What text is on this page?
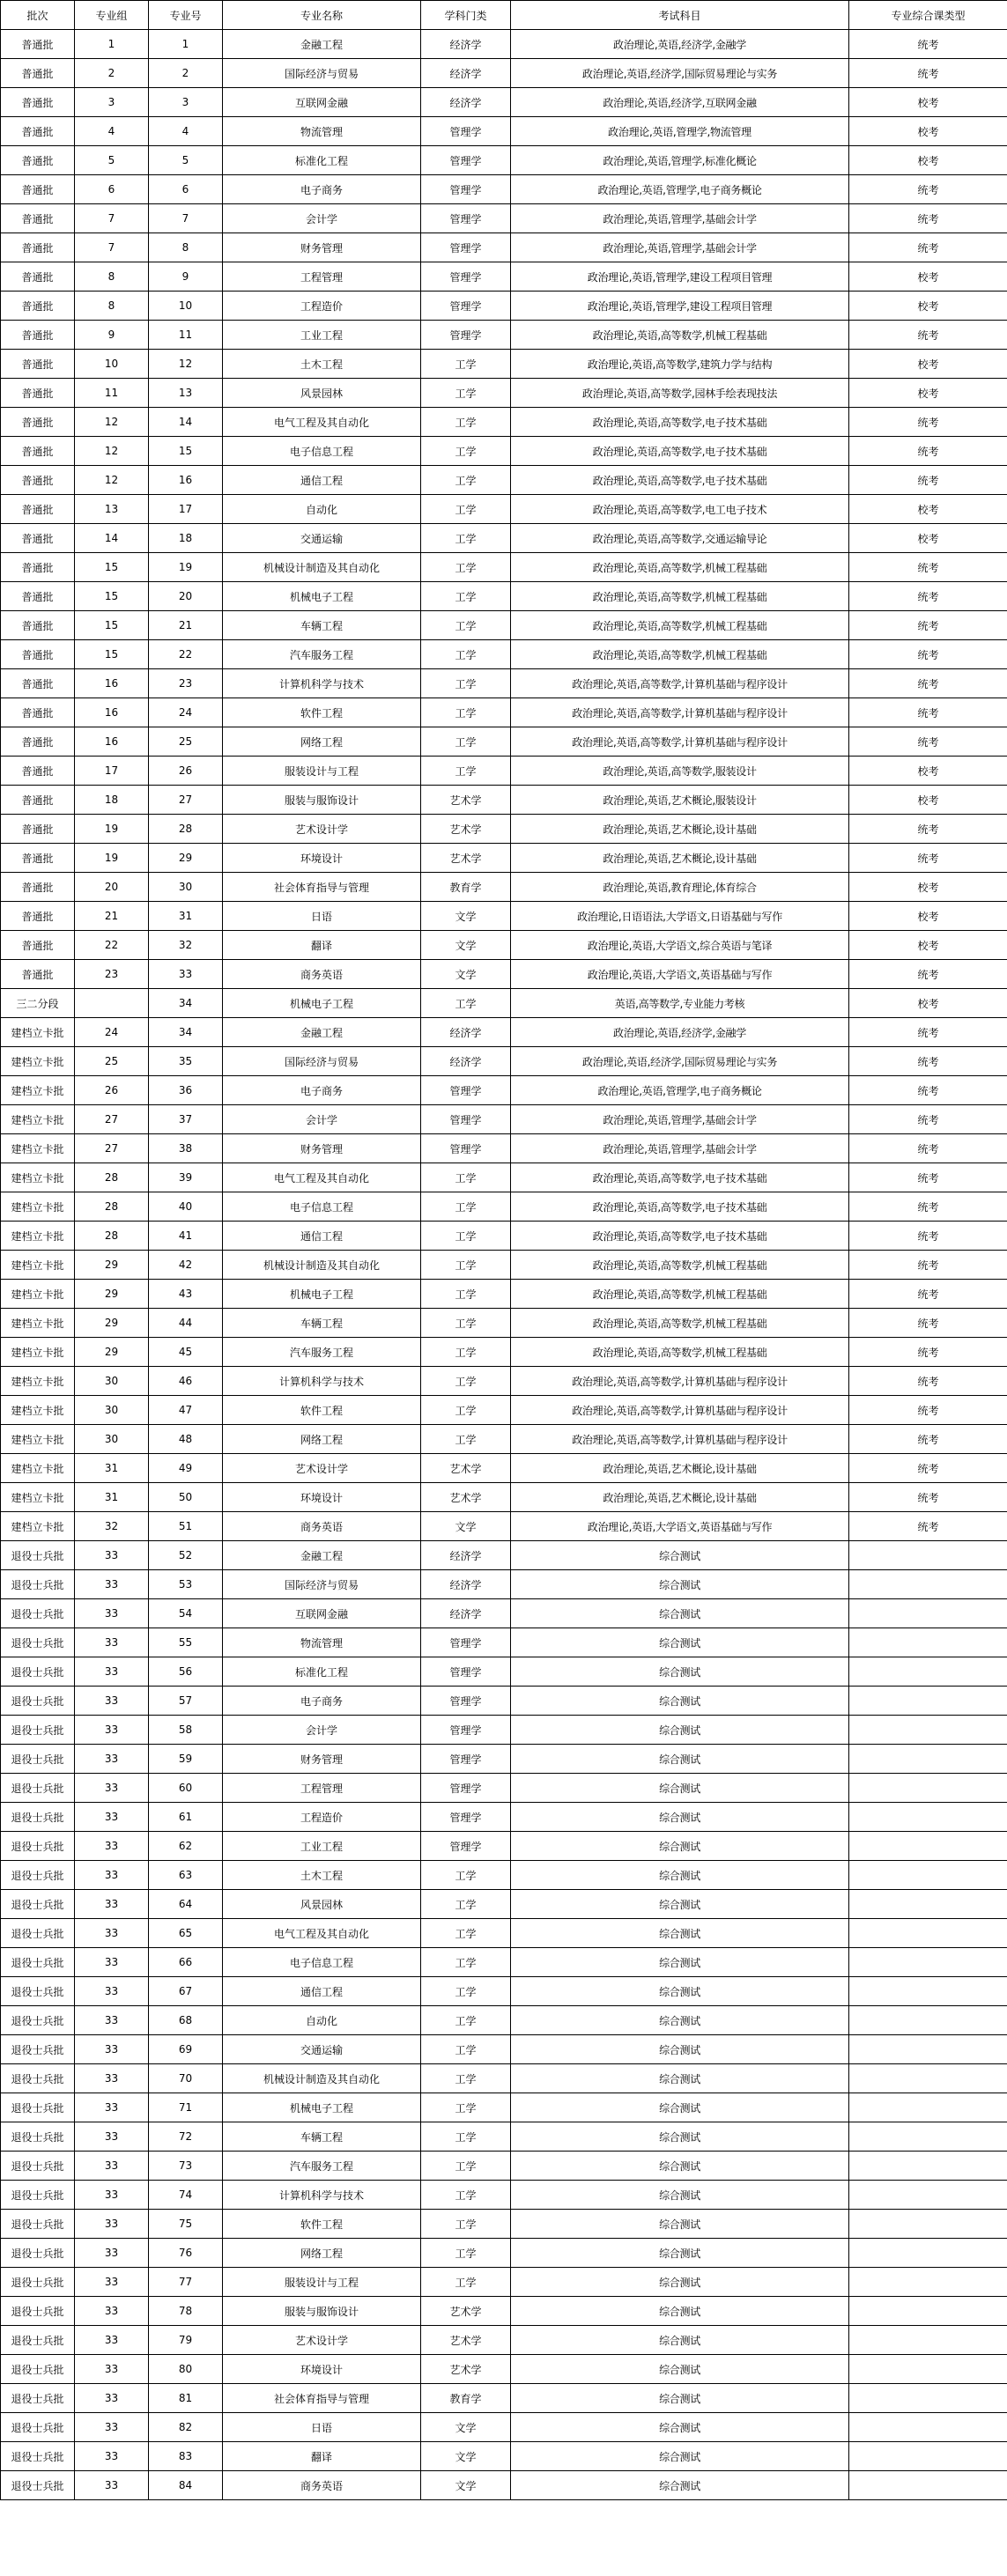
批次	专业组	专业号	专业名称	学科门类	考试科目	专业综合课类型
普通批	1	1	金融工程	经济学	政治理论,英语,经济学,金融学	统考
普通批	2	2	国际经济与贸易	经济学	政治理论,英语,经济学,国际贸易理论与实务	统考
普通批	3	3	互联网金融	经济学	政治理论,英语,经济学,互联网金融	校考
普通批	4	4	物流管理	管理学	政治理论,英语,管理学,物流管理	校考
普通批	5	5	标准化工程	管理学	政治理论,英语,管理学,标准化概论	校考
普通批	6	6	电子商务	管理学	政治理论,英语,管理学,电子商务概论	统考
普通批	7	7	会计学	管理学	政治理论,英语,管理学,基础会计学	统考
普通批	7	8	财务管理	管理学	政治理论,英语,管理学,基础会计学	统考
普通批	8	9	工程管理	管理学	政治理论,英语,管理学,建设工程项目管理	校考
普通批	8	10	工程造价	管理学	政治理论,英语,管理学,建设工程项目管理	校考
普通批	9	11	工业工程	管理学	政治理论,英语,高等数学,机械工程基础	统考
普通批	10	12	土木工程	工学	政治理论,英语,高等数学,建筑力学与结构	校考
普通批	11	13	风景园林	工学	政治理论,英语,高等数学,园林手绘表现技法	校考
普通批	12	14	电气工程及其自动化	工学	政治理论,英语,高等数学,电子技术基础	统考
普通批	12	15	电子信息工程	工学	政治理论,英语,高等数学,电子技术基础	统考
普通批	12	16	通信工程	工学	政治理论,英语,高等数学,电子技术基础	统考
普通批	13	17	自动化	工学	政治理论,英语,高等数学,电工电子技术	校考
普通批	14	18	交通运输	工学	政治理论,英语,高等数学,交通运输导论	校考
普通批	15	19	机械设计制造及其自动化	工学	政治理论,英语,高等数学,机械工程基础	统考
普通批	15	20	机械电子工程	工学	政治理论,英语,高等数学,机械工程基础	统考
普通批	15	21	车辆工程	工学	政治理论,英语,高等数学,机械工程基础	统考
普通批	15	22	汽车服务工程	工学	政治理论,英语,高等数学,机械工程基础	统考
普通批	16	23	计算机科学与技术	工学	政治理论,英语,高等数学,计算机基础与程序设计	统考
普通批	16	24	软件工程	工学	政治理论,英语,高等数学,计算机基础与程序设计	统考
普通批	16	25	网络工程	工学	政治理论,英语,高等数学,计算机基础与程序设计	统考
普通批	17	26	服装设计与工程	工学	政治理论,英语,高等数学,服装设计	校考
普通批	18	27	服装与服饰设计	艺术学	政治理论,英语,艺术概论,服装设计	校考
普通批	19	28	艺术设计学	艺术学	政治理论,英语,艺术概论,设计基础	统考
普通批	19	29	环境设计	艺术学	政治理论,英语,艺术概论,设计基础	统考
普通批	20	30	社会体育指导与管理	教育学	政治理论,英语,教育理论,体育综合	校考
普通批	21	31	日语	文学	政治理论,日语语法,大学语文,日语基础与写作	校考
普通批	22	32	翻译	文学	政治理论,英语,大学语文,综合英语与笔译	校考
普通批	23	33	商务英语	文学	政治理论,英语,大学语文,英语基础与写作	统考
三二分段		34	机械电子工程	工学	英语,高等数学,专业能力考核	校考
建档立卡批	24	34	金融工程	经济学	政治理论,英语,经济学,金融学	统考
建档立卡批	25	35	国际经济与贸易	经济学	政治理论,英语,经济学,国际贸易理论与实务	统考
建档立卡批	26	36	电子商务	管理学	政治理论,英语,管理学,电子商务概论	统考
建档立卡批	27	37	会计学	管理学	政治理论,英语,管理学,基础会计学	统考
建档立卡批	27	38	财务管理	管理学	政治理论,英语,管理学,基础会计学	统考
建档立卡批	28	39	电气工程及其自动化	工学	政治理论,英语,高等数学,电子技术基础	统考
建档立卡批	28	40	电子信息工程	工学	政治理论,英语,高等数学,电子技术基础	统考
建档立卡批	28	41	通信工程	工学	政治理论,英语,高等数学,电子技术基础	统考
建档立卡批	29	42	机械设计制造及其自动化	工学	政治理论,英语,高等数学,机械工程基础	统考
建档立卡批	29	43	机械电子工程	工学	政治理论,英语,高等数学,机械工程基础	统考
建档立卡批	29	44	车辆工程	工学	政治理论,英语,高等数学,机械工程基础	统考
建档立卡批	29	45	汽车服务工程	工学	政治理论,英语,高等数学,机械工程基础	统考
建档立卡批	30	46	计算机科学与技术	工学	政治理论,英语,高等数学,计算机基础与程序设计	统考
建档立卡批	30	47	软件工程	工学	政治理论,英语,高等数学,计算机基础与程序设计	统考
建档立卡批	30	48	网络工程	工学	政治理论,英语,高等数学,计算机基础与程序设计	统考
建档立卡批	31	49	艺术设计学	艺术学	政治理论,英语,艺术概论,设计基础	统考
建档立卡批	31	50	环境设计	艺术学	政治理论,英语,艺术概论,设计基础	统考
建档立卡批	32	51	商务英语	文学	政治理论,英语,大学语文,英语基础与写作	统考
退役士兵批	33	52	金融工程	经济学	综合测试	
退役士兵批	33	53	国际经济与贸易	经济学	综合测试	
退役士兵批	33	54	互联网金融	经济学	综合测试	
退役士兵批	33	55	物流管理	管理学	综合测试	
退役士兵批	33	56	标准化工程	管理学	综合测试	
退役士兵批	33	57	电子商务	管理学	综合测试	
退役士兵批	33	58	会计学	管理学	综合测试	
退役士兵批	33	59	财务管理	管理学	综合测试	
退役士兵批	33	60	工程管理	管理学	综合测试	
退役士兵批	33	61	工程造价	管理学	综合测试	
退役士兵批	33	62	工业工程	管理学	综合测试	
退役士兵批	33	63	土木工程	工学	综合测试	
退役士兵批	33	64	风景园林	工学	综合测试	
退役士兵批	33	65	电气工程及其自动化	工学	综合测试	
退役士兵批	33	66	电子信息工程	工学	综合测试	
退役士兵批	33	67	通信工程	工学	综合测试	
退役士兵批	33	68	自动化	工学	综合测试	
退役士兵批	33	69	交通运输	工学	综合测试	
退役士兵批	33	70	机械设计制造及其自动化	工学	综合测试	
退役士兵批	33	71	机械电子工程	工学	综合测试	
退役士兵批	33	72	车辆工程	工学	综合测试	
退役士兵批	33	73	汽车服务工程	工学	综合测试	
退役士兵批	33	74	计算机科学与技术	工学	综合测试	
退役士兵批	33	75	软件工程	工学	综合测试	
退役士兵批	33	76	网络工程	工学	综合测试	
退役士兵批	33	77	服装设计与工程	工学	综合测试	
退役士兵批	33	78	服装与服饰设计	艺术学	综合测试	
退役士兵批	33	79	艺术设计学	艺术学	综合测试	
退役士兵批	33	80	环境设计	艺术学	综合测试	
退役士兵批	33	81	社会体育指导与管理	教育学	综合测试	
退役士兵批	33	82	日语	文学	综合测试	
退役士兵批	33	83	翻译	文学	综合测试	
退役士兵批	33	84	商务英语	文学	综合测试	
